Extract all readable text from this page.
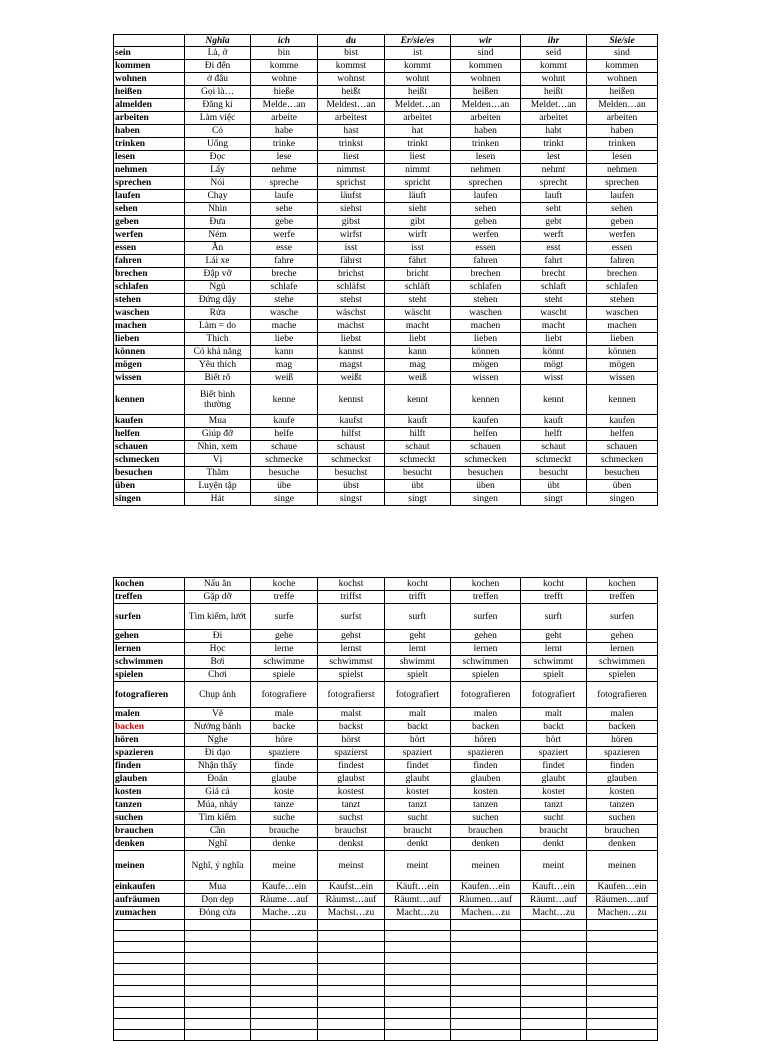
	Nghĩa	ich	du	Er/sie/es	wir	ihr	Sie/sie
sein	Là, ở	bin	bist	ist	sind	seid	sind
kommen	Đi đến	komme	kommst	kommt	kommen	kommt	kommen
wohnen	ở đâu	wohne	wohnst	wohnt	wohnen	wohnt	wohnen
heißen	Gọi là…	hieße	heißt	heißt	heißen	heißt	heißen
almelden	Đăng kí	Melde…an	Meldest…an	Meldet…an	Melden…an	Meldet…an	Melden…an
arbeiten	Làm việc	arbeite	arbeitest	arbeitet	arbeiten	arbeitet	arbeiten
haben	Có	habe	hast	hat	haben	habt	haben
trinken	Uống	trinke	trinkst	trinkt	trinken	trinkt	trinken
lesen	Đọc	lese	liest	liest	lesen	lest	lesen
nehmen	Lấy	nehme	nimmst	nimmt	nehmen	nehmt	nehmen
sprechen	Nói	spreche	sprichst	spricht	sprechen	sprecht	sprechen
laufen	Chạy	laufe	läufst	läuft	laufen	lauft	laufen
sehen	Nhìn	sehe	siehst	sieht	sehen	seht	sehen
geben	Đưa	gebe	gibst	gibt	geben	gebt	geben
werfen	Ném	werfe	wirfst	wirft	werfen	werft	werfen
essen	Ăn	esse	isst	isst	essen	esst	essen
fahren	Lái xe	fahre	fährst	fährt	fahren	fahrt	fahren
brechen	Đập vỡ	breche	brichst	bricht	brechen	brecht	brechen
schlafen	Ngủ	schlafe	schläfst	schläft	schlafen	schlaft	schlafen
stehen	Đứng dậy	stehe	stehst	steht	stehen	steht	stehen
waschen	Rửa	wasche	wäschst	wäscht	waschen	wascht	waschen
machen	Làm = do	mache	machst	macht	machen	macht	machen
lieben	Thích	liebe	liebst	liebt	lieben	liebt	lieben
können	Có khả năng	kann	kannst	kann	können	könnt	können
mögen	Yêu thích	mag	magst	mag	mögen	mögt	mögen
wissen	Biết rõ	weiß	weißt	weiß	wissen	wisst	wissen
kennen	Biết bình thường	kenne	kennst	kennt	kennen	kennt	kennen
kaufen	Mua	kaufe	kaufst	kauft	kaufen	kauft	kaufen
helfen	Giúp đỡ	helfe	hilfst	hilft	helfen	helft	helfen
schauen	Nhìn, xem	schaue	schaust	schaut	schauen	schaut	schauen
schmecken	Vị	schmecke	schmeckst	schmeckt	schmecken	schmeckt	schmecken
besuchen	Thăm	besuche	besuchst	besucht	besuchen	besucht	besuchen
üben	Luyện tập	übe	übst	übt	üben	übt	üben
singen	Hát	singe	singst	singt	singen	singt	singen
kochen	Nấu ăn	koche	kochst	kocht	kochen	kocht	kochen
treffen	Gặp dỡ	treffe	triffst	trifft	treffen	trefft	treffen
surfen	Tìm kiếm, lướt	surfe	surfst	surft	surfen	surft	surfen
gehen	Đi	gehe	gehst	geht	gehen	geht	gehen
lernen	Học	lerne	lernst	lernt	lernen	lernt	lernen
schwimmen	Bơi	schwimme	schwimmst	shwimmt	schwimmen	schwimmt	schwimmen
spielen	Chơi	spiele	spielst	spielt	spielen	spielt	spielen
fotografieren	Chụp ảnh	fotografiere	fotografierst	fotografiert	fotografieren	fotografiert	fotografieren
malen	Vẽ	male	malst	malt	malen	malt	malen
backen	Nướng bánh	backe	backst	backt	backen	backt	backen
hören	Nghe	höre	hörst	hört	hören	hört	hören
spazieren	Đi dạo	spaziere	spazierst	spaziert	spazieren	spaziert	spazieren
finden	Nhận thấy	finde	findest	findet	finden	findet	finden
glauben	Đoán	glaube	glaubst	glaubt	glauben	glaubt	glauben
kosten	Giá cả	koste	kostest	kostet	kosten	kostet	kosten
tanzen	Múa, nhảy	tanze	tanzt	tanzt	tanzen	tanzt	tanzen
suchen	Tìm kiếm	suche	suchst	sucht	suchen	sucht	suchen
brauchen	Cần	brauche	brauchst	braucht	brauchen	braucht	brauchen
denken	Nghĩ	denke	denkst	denkt	denken	denkt	denken
meinen	Nghĩ, ý nghĩa	meine	meinst	meint	meinen	meint	meinen
einkaufen	Mua	Kaufe…ein	Kaufst...ein	Käuft…ein	Kaufen…ein	Kauft…ein	Kaufen…ein
aufräumen	Dọn dẹp	Räume…auf	Räumst…auf	Räumt…auf	Räumen…auf	Räumt…auf	Räumen…auf
zumachen	Đóng cửa	Mache…zu	Machst…zu	Macht…zu	Machen…zu	Macht…zu	Machen…zu
